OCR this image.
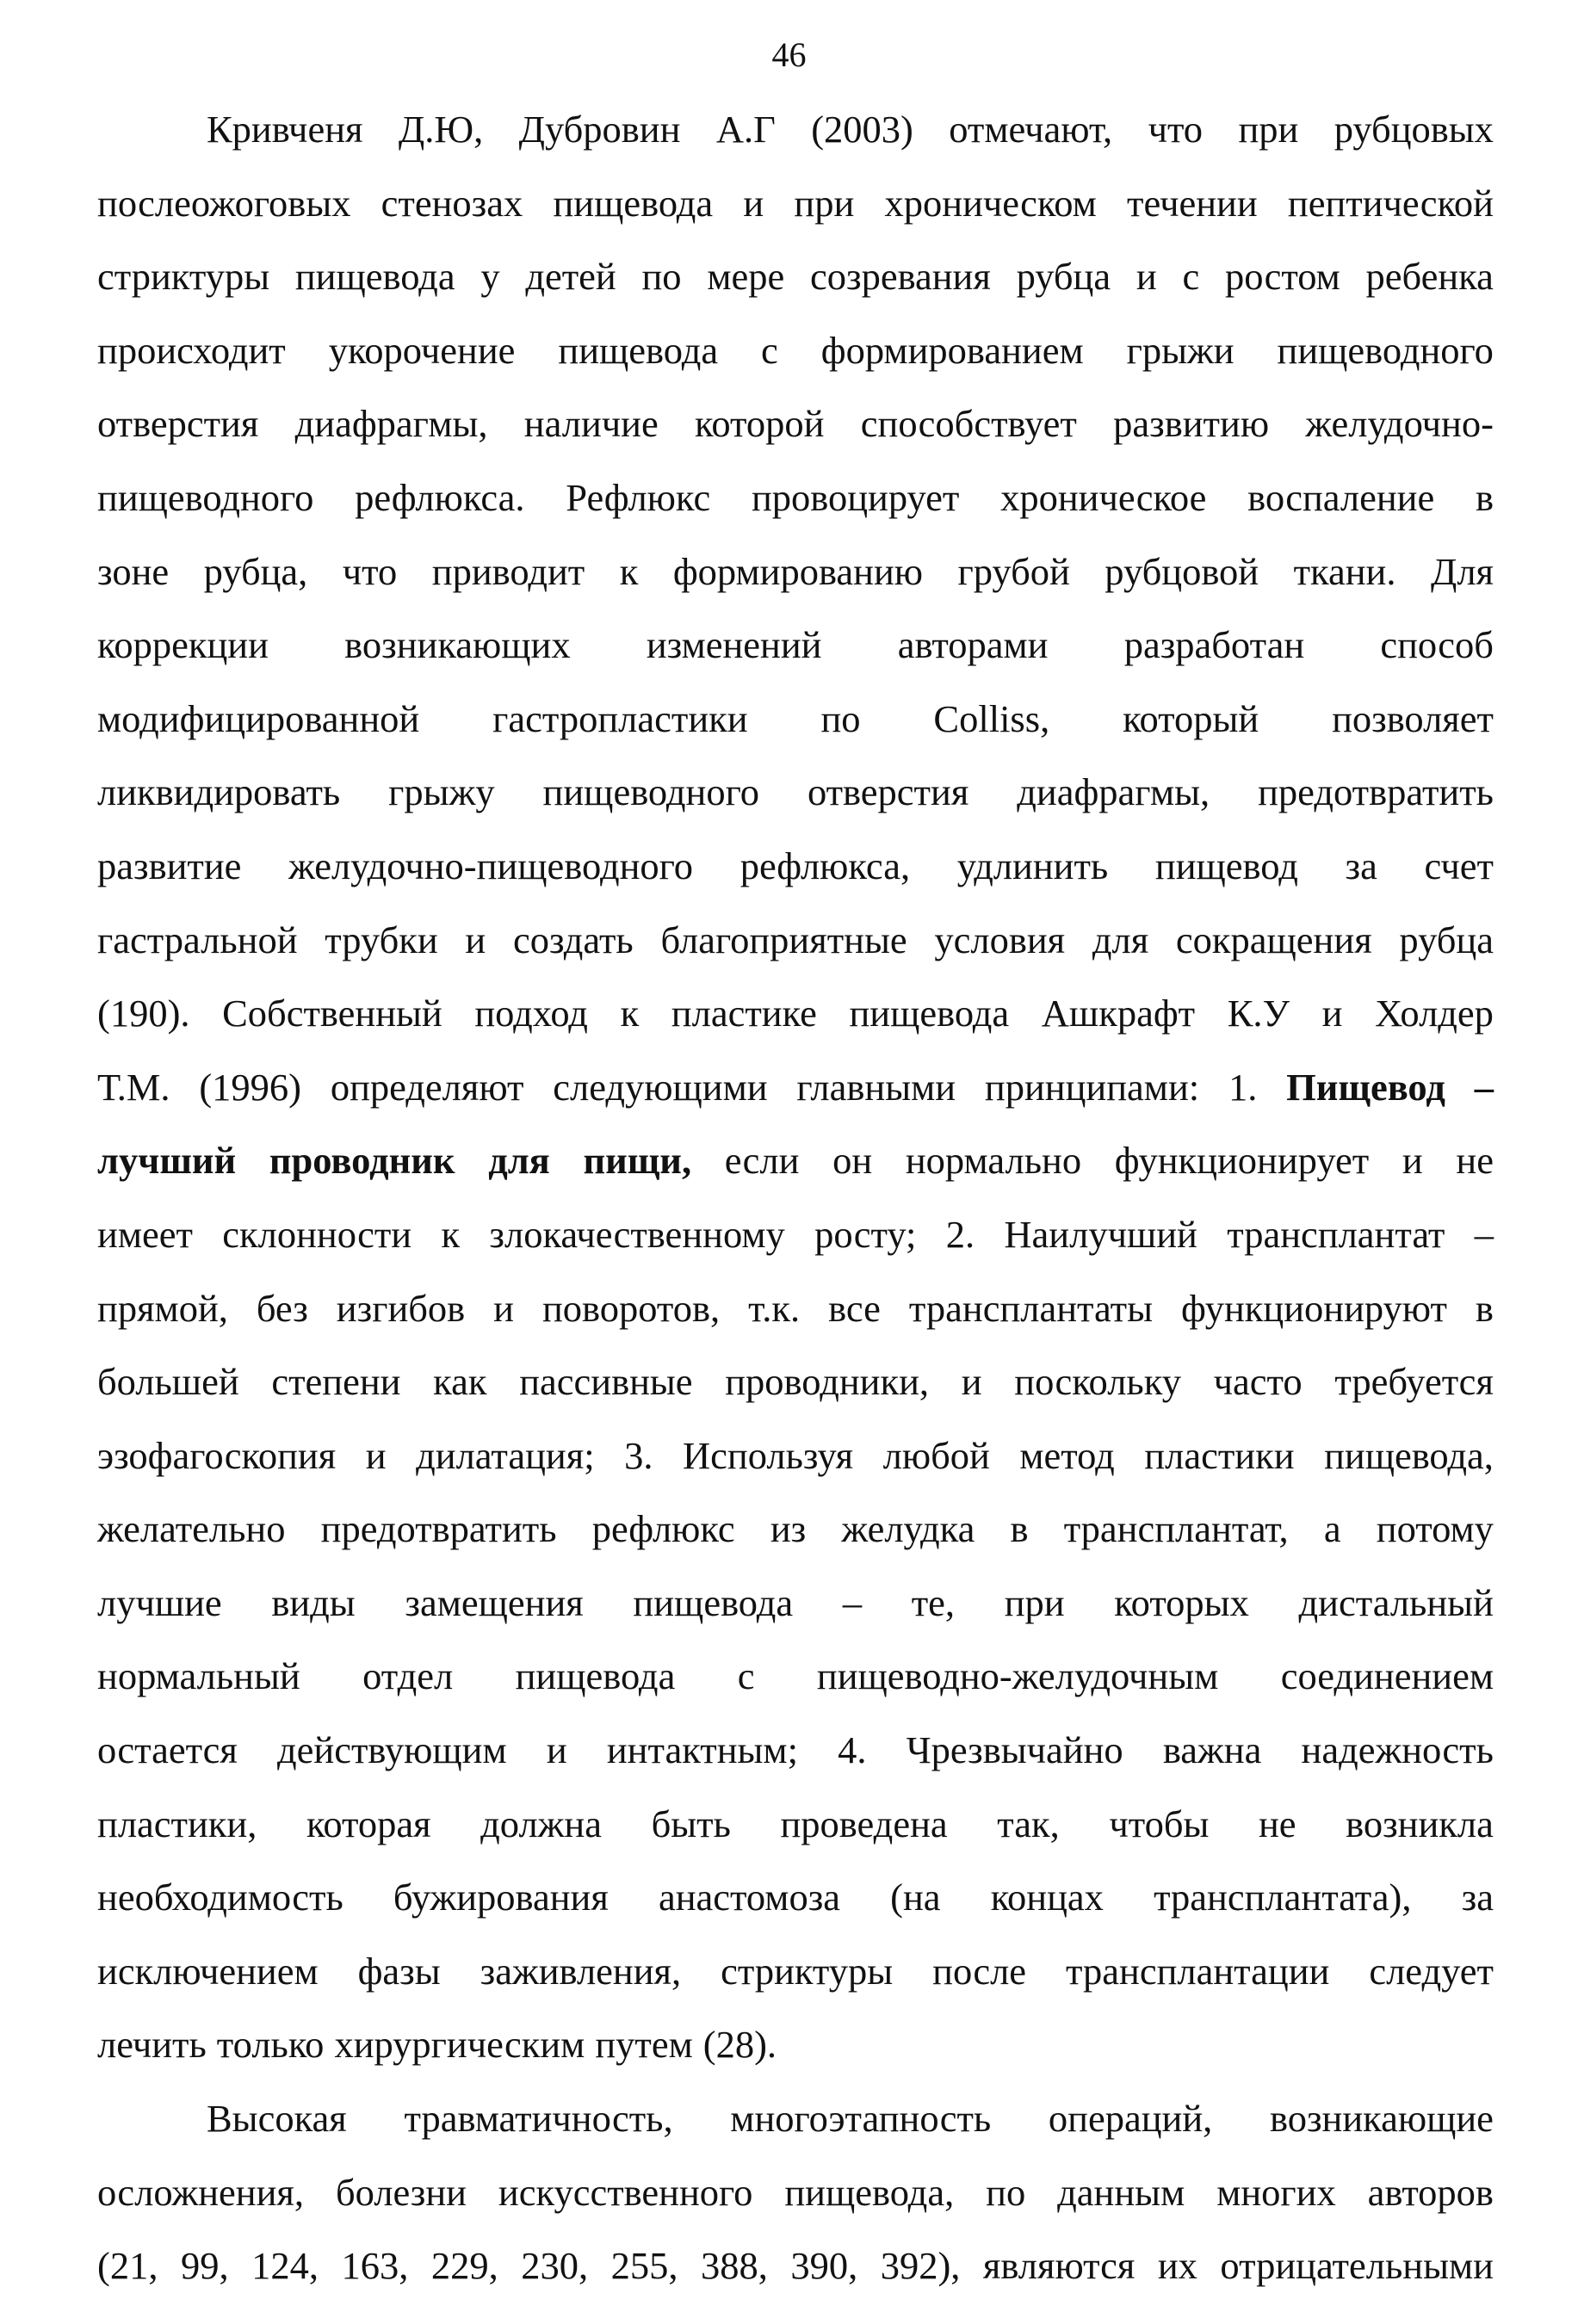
46
Кривченя Д.Ю, Дубровин А.Г (2003) отмечают, что при рубцовых
послеожоговых стенозах пищевода и при хроническом течении пептической
стриктуры пищевода у детей по мере созревания рубца и с ростом ребенка
происходит укорочение пищевода с формированием грыжи пищеводного
отверстия диафрагмы, наличие которой способствует развитию желудочно-
пищеводного рефлюкса. Рефлюкс провоцирует хроническое воспаление в
зоне рубца, что приводит к формированию грубой рубцовой ткани. Для
коррекции возникающих изменений авторами разработан способ
модифицированной гастропластики по Colliss, который позволяет
ликвидировать грыжу пищеводного отверстия диафрагмы, предотвратить
развитие желудочно-пищеводного рефлюкса, удлинить пищевод за счет
гастральной трубки и создать благоприятные условия для сокращения рубца
(190). Собственный подход к пластике пищевода Ашкрафт К.У и Холдер
Т.М. (1996) определяют следующими главными принципами: 1. Пищевод –
лучший проводник для пищи, если он нормально функционирует и не
имеет склонности к злокачественному росту; 2. Наилучший трансплантат –
прямой, без изгибов и поворотов, т.к. все трансплантаты функционируют в
большей степени как пассивные проводники, и поскольку часто требуется
эзофагоскопия и дилатация; 3. Используя любой метод пластики пищевода,
желательно предотвратить рефлюкс из желудка в трансплантат, а потому
лучшие виды замещения пищевода – те, при которых дистальный
нормальный отдел пищевода с пищеводно-желудочным соединением
остается действующим и интактным; 4. Чрезвычайно важна надежность
пластики, которая должна быть проведена так, чтобы не возникла
необходимость бужирования анастомоза (на концах трансплантата), за
исключением фазы заживления, стриктуры после трансплантации следует
лечить только хирургическим путем (28).
Высокая травматичность, многоэтапность операций, возникающие
осложнения, болезни искусственного пищевода, по данным многих авторов
(21, 99, 124, 163, 229, 230, 255, 388, 390, 392), являются их отрицательными
